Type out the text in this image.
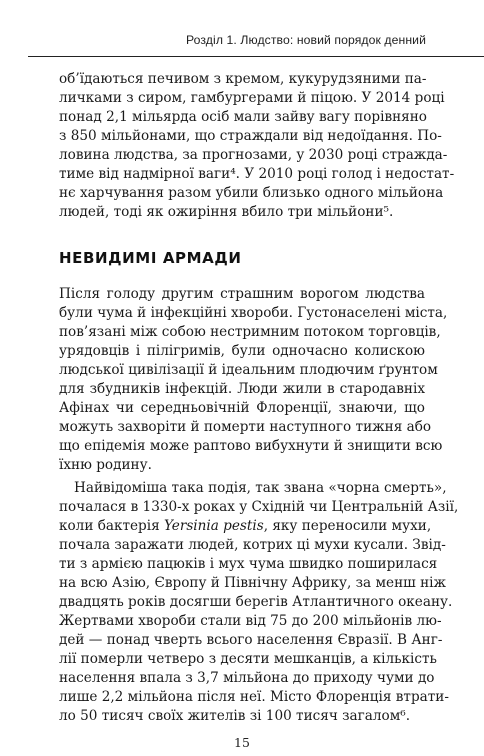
Розділ 1. Людство: новий порядок денний
об’їдаються печивом з кремом, кукурудзяними па-
личками з сиром, гамбургерами й піцою. У 2014 році
понад 2,1 мільярда осіб мали зайву вагу порівняно
з 850 мільйонами, що страждали від недоїдання. По-
ловина людства, за прогнозами, у 2030 році стражда-
тиме від надмірної ваги⁴. У 2010 році голод і недостат-
нє харчування разом убили близько одного мільйона
людей, тоді як ожиріння вбило три мільйони⁵.
НЕВИДИМІ АРМАДИ
Після голоду другим страшним ворогом людства
були чума й інфекційні хвороби. Густонаселені міста,
пов’язані між собою нестримним потоком торговців,
урядовців і пілігримів, були одночасно колискою
людської цивілізації й ідеальним плодючим ґрунтом
для збудників інфекцій. Люди жили в стародавніх
Афінах чи середньовічній Флоренції, знаючи, що
можуть захворіти й померти наступного тижня або
що епідемія може раптово вибухнути й знищити всю
їхню родину.
Найвідоміша така подія, так звана «чорна смерть»,
почалася в 1330-х роках у Східній чи Центральній Азії,
коли бактерія Yersinia pestis, яку переносили мухи,
почала заражати людей, котрих ці мухи кусали. Звід-
ти з армією пацюків і мух чума швидко поширилася
на всю Азію, Європу й Північну Африку, за менш ніж
двадцять років досягши берегів Атлантичного океану.
Жертвами хвороби стали від 75 до 200 мільйонів лю-
дей — понад чверть всього населення Євразії. В Анг-
лії померли четверо з десяти мешканців, а кількість
населення впала з 3,7 мільйона до приходу чуми до
лише 2,2 мільйона після неї. Місто Флоренція втрати-
ло 50 тисяч своїх жителів зі 100 тисяч загалом⁶.
15
